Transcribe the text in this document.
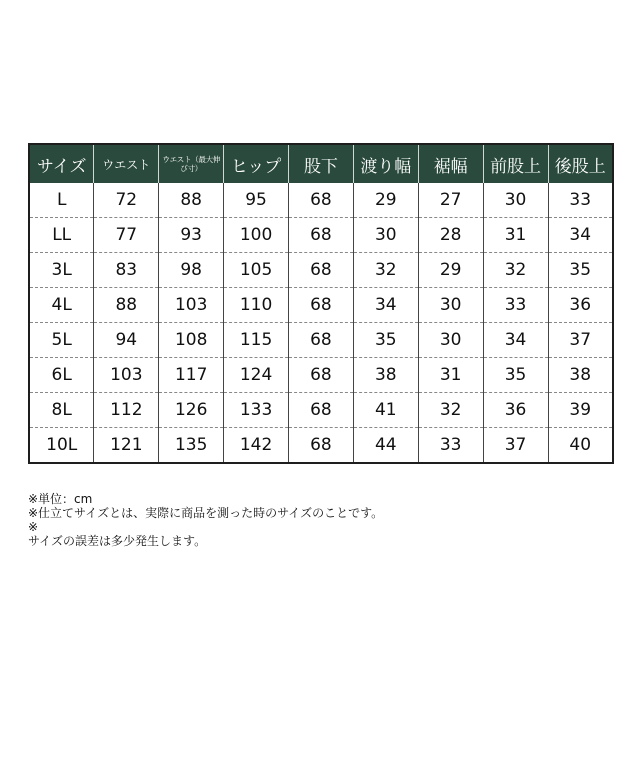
サイズ	ウエスト	ウエスト（最大伸び寸）	ヒップ	股下	渡り幅	裾幅	前股上	後股上
L	72	88	95	68	29	27	30	33
LL	77	93	100	68	30	28	31	34
3L	83	98	105	68	32	29	32	35
4L	88	103	110	68	34	30	33	36
5L	94	108	115	68	35	30	34	37
6L	103	117	124	68	38	31	35	38
8L	112	126	133	68	41	32	36	39
10L	121	135	142	68	44	33	37	40
※単位：cm
※仕立てサイズとは、実際に商品を測った時のサイズのことです。
※
サイズの誤差は多少発生します。
